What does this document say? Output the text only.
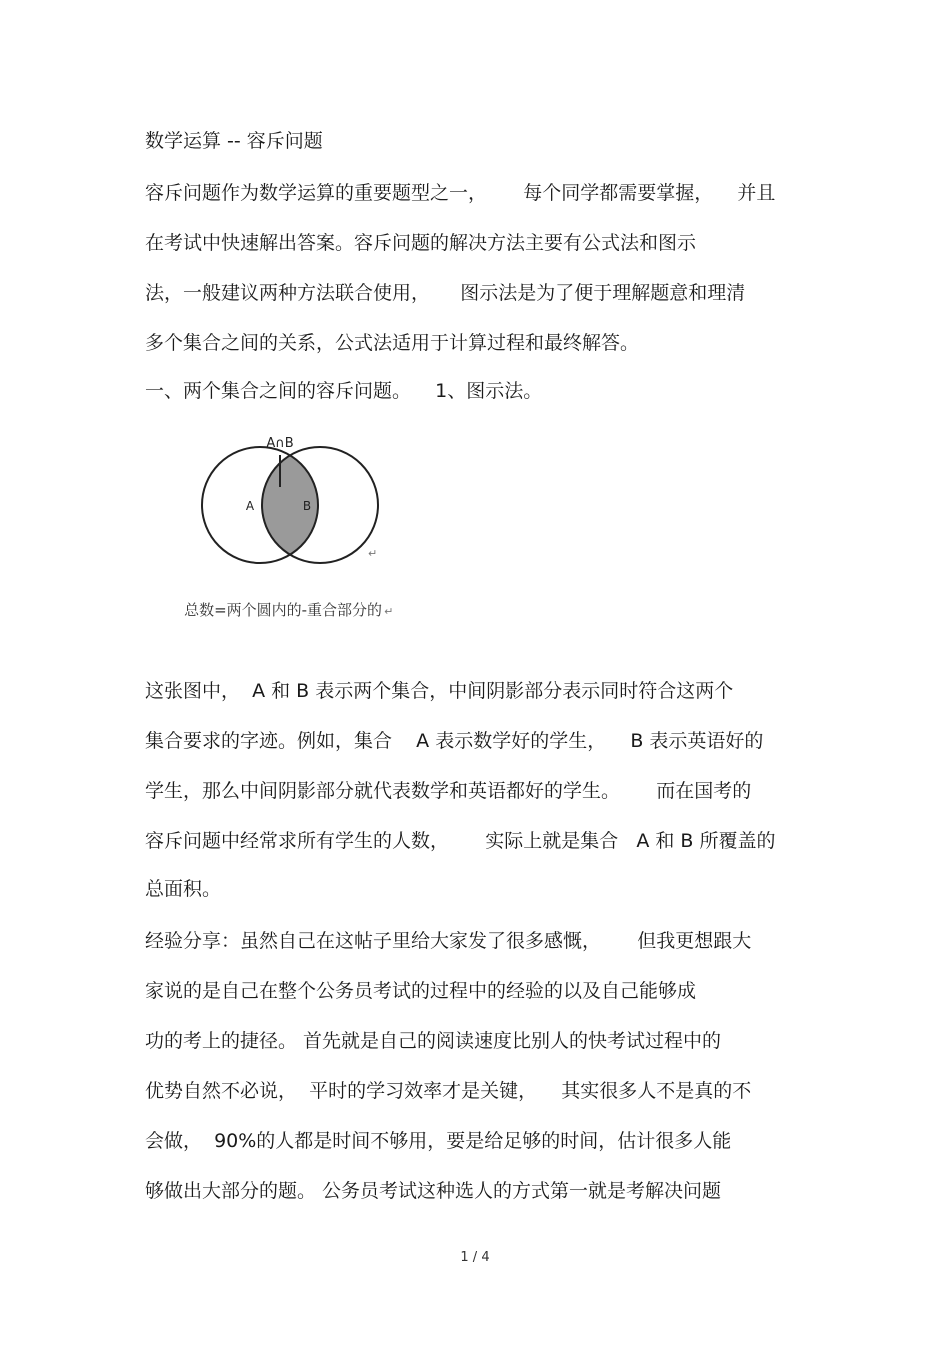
数学运算 -- 容斥问题
容斥问题作为数学运算的重要题型之一，      每个同学都需要掌握，    并且
在考试中快速解出答案。容斥问题的解决方法主要有公式法和图示
法，一般建议两种方法联合使用，     图示法是为了便于理解题意和理清
多个集合之间的关系，公式法适用于计算过程和最终解答。
一、两个集合之间的容斥问题。    1、图示法。
A∩B
A	B
↵

总数=两个圆内的-重合部分的 ↵

这张图中，  A 和 B 表示两个集合，中间阴影部分表示同时符合这两个
集合要求的字迹。例如，集合    A 表示数学好的学生，    B 表示英语好的
学生，那么中间阴影部分就代表数学和英语都好的学生。      而在国考的
容斥问题中经常求所有学生的人数，      实际上就是集合   A 和 B 所覆盖的
总面积。
经验分享：虽然自己在这帖子里给大家发了很多感慨，      但我更想跟大
家说的是自己在整个公务员考试的过程中的经验的以及自己能够成
功的考上的捷径。 首先就是自己的阅读速度比别人的快考试过程中的
优势自然不必说，  平时的学习效率才是关键，    其实很多人不是真的不
会做，  90%的人都是时间不够用，要是给足够的时间，估计很多人能
够做出大部分的题。 公务员考试这种选人的方式第一就是考解决问题
1 / 4
